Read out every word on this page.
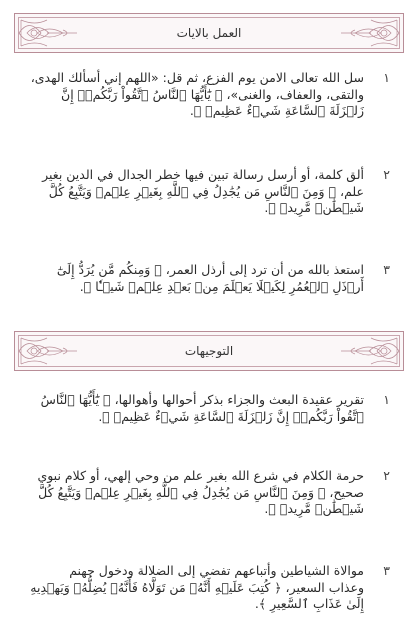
العمل بالايات
١
سل الله تعالى الامن يوم الفزع، ثم قل: «اللهم إني أسألك الهدى، والتقى، والعفاف، والغنى»، ﴿ يَٰٓأَيُّهَا ٱلنَّاسُ ٱتَّقُواْ رَبَّكُمۡۚ إِنَّ زَلۡزَلَةَ ٱلسَّاعَةِ شَيۡءٌ عَظِيمٞ ﴾.
٢
ألق كلمة، أو أرسل رسالة تبين فيها خطر الجدال في الدين بغير علم، ﴿ وَمِنَ ٱلنَّاسِ مَن يُجَٰدِلُ فِي ٱللَّهِ بِغَيۡرِ عِلۡمٖ وَيَتَّبِعُ كُلَّ شَيۡطَٰنٖ مَّرِيدٖ ﴾.
٣
استعذ بالله من أن ترد إلى أرذل العمر، ﴿ وَمِنكُم مَّن يُرَدُّ إِلَىٰٓ أَرۡذَلِ ٱلۡعُمُرِ لِكَيۡلَا يَعۡلَمَ مِنۢ بَعۡدِ عِلۡمٖ شَيۡـٔٗا ﴾.
التوجيهات
١
تقرير عقيدة البعث والجزاء بذكر أحوالها وأهوالها، ﴿ يَٰٓأَيُّهَا ٱلنَّاسُ ٱتَّقُواْ رَبَّكُمۡۚ إِنَّ زَلۡزَلَةَ ٱلسَّاعَةِ شَيۡءٌ عَظِيمٞ ﴾.
٢
حرمة الكلام في شرع الله بغير علم من وحي إلهي، أو كلام نبوي صحيح، ﴿ وَمِنَ ٱلنَّاسِ مَن يُجَٰدِلُ فِي ٱللَّهِ بِغَيۡرِ عِلۡمٖ وَيَتَّبِعُ كُلَّ شَيۡطَٰنٖ مَّرِيدٖ ﴾.
٣
موالاة الشياطين وأتباعهم تفضي إلى الضلالة ودخول جهنم وعذاب السعير، ﴿ كُتِبَ عَلَيۡهِ أَنَّهُۥ مَن تَوَلَّاهُ فَأَنَّهُۥ يُضِلُّهُۥ وَيَهۡدِيهِ إِلَىٰ عَذَابِ ٱلسَّعِيرِ ﴾.
